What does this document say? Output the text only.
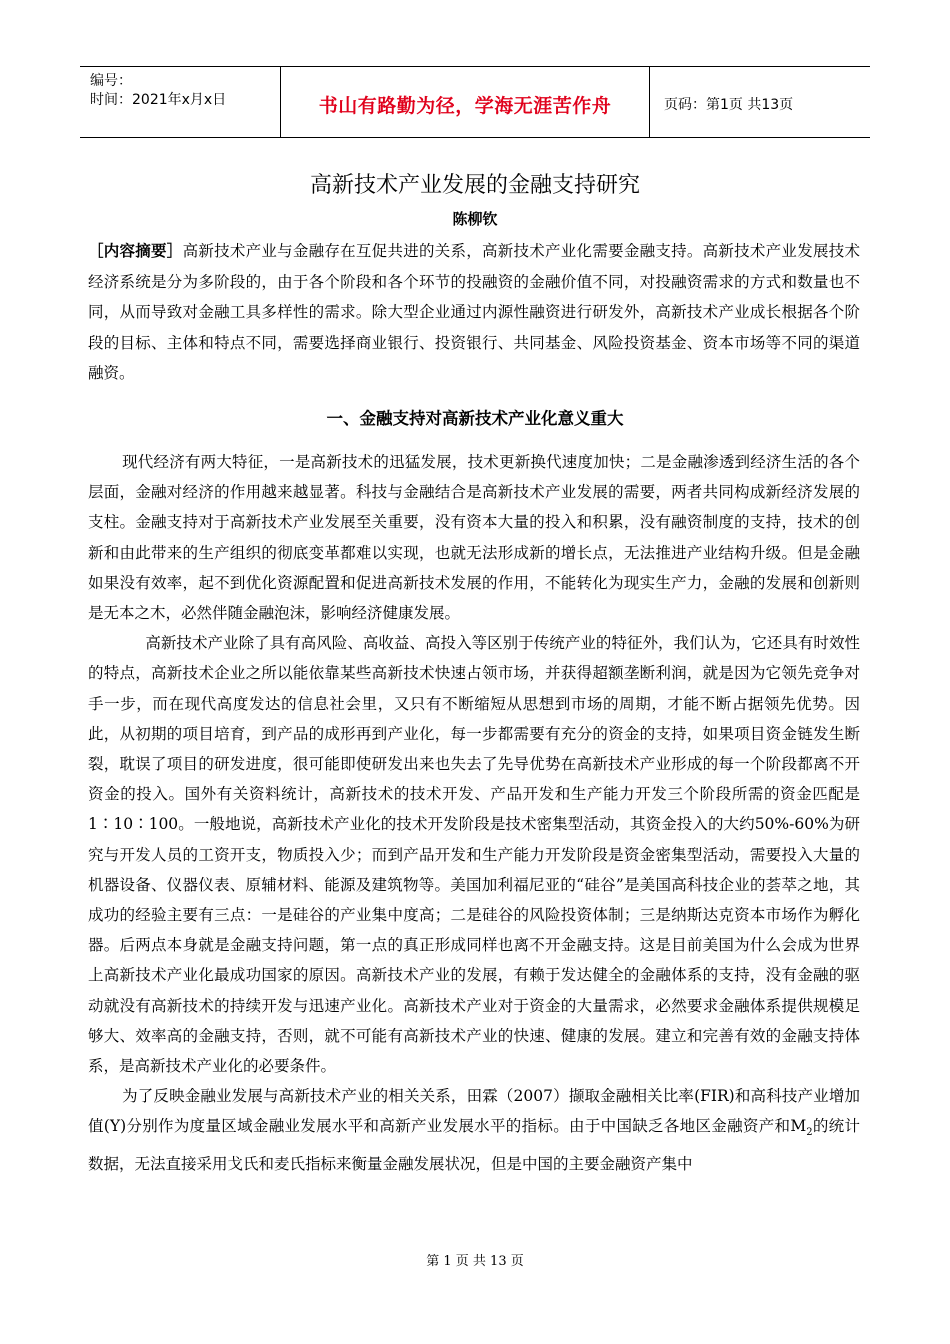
编号：
时间：2021年x月x日	书山有路勤为径，学海无涯苦作舟	页码：第1页 共13页
高新技术产业发展的金融支持研究
陈柳钦
［内容摘要］高新技术产业与金融存在互促共进的关系，高新技术产业化需要金融支持。高新技术产业发展技术经济系统是分为多阶段的，由于各个阶段和各个环节的投融资的金融价值不同，对投融资需求的方式和数量也不同，从而导致对金融工具多样性的需求。除大型企业通过内源性融资进行研发外，高新技术产业成长根据各个阶段的目标、主体和特点不同，需要选择商业银行、投资银行、共同基金、风险投资基金、资本市场等不同的渠道融资。
一、金融支持对高新技术产业化意义重大

现代经济有两大特征，一是高新技术的迅猛发展，技术更新换代速度加快；二是金融渗透到经济生活的各个层面，金融对经济的作用越来越显著。科技与金融结合是高新技术产业发展的需要，两者共同构成新经济发展的支柱。金融支持对于高新技术产业发展至关重要，没有资本大量的投入和积累，没有融资制度的支持，技术的创新和由此带来的生产组织的彻底变革都难以实现，也就无法形成新的增长点，无法推进产业结构升级。但是金融如果没有效率，起不到优化资源配置和促进高新技术发展的作用，不能转化为现实生产力，金融的发展和创新则是无本之木，必然伴随金融泡沫，影响经济健康发展。

高新技术产业除了具有高风险、高收益、高投入等区别于传统产业的特征外，我们认为，它还具有时效性的特点，高新技术企业之所以能依靠某些高新技术快速占领市场，并获得超额垄断利润，就是因为它领先竞争对手一步，而在现代高度发达的信息社会里，又只有不断缩短从思想到市场的周期，才能不断占据领先优势。因此，从初期的项目培育，到产品的成形再到产业化，每一步都需要有充分的资金的支持，如果项目资金链发生断裂，耽误了项目的研发进度，很可能即使研发出来也失去了先导优势在高新技术产业形成的每一个阶段都离不开资金的投入。国外有关资料统计，高新技术的技术开发、产品开发和生产能力开发三个阶段所需的资金匹配是1∶10∶100。一般地说，高新技术产业化的技术开发阶段是技术密集型活动，其资金投入的大约50%-60%为研究与开发人员的工资开支，物质投入少；而到产品开发和生产能力开发阶段是资金密集型活动，需要投入大量的机器设备、仪器仪表、原辅材料、能源及建筑物等。美国加利福尼亚的“硅谷”是美国高科技企业的荟萃之地，其成功的经验主要有三点：一是硅谷的产业集中度高；二是硅谷的风险投资体制；三是纳斯达克资本市场作为孵化器。后两点本身就是金融支持问题，第一点的真正形成同样也离不开金融支持。这是目前美国为什么会成为世界上高新技术产业化最成功国家的原因。高新技术产业的发展，有赖于发达健全的金融体系的支持，没有金融的驱动就没有高新技术的持续开发与迅速产业化。高新技术产业对于资金的大量需求，必然要求金融体系提供规模足够大、效率高的金融支持，否则，就不可能有高新技术产业的快速、健康的发展。建立和完善有效的金融支持体系，是高新技术产业化的必要条件。

为了反映金融业发展与高新技术产业的相关关系，田霖（2007）撷取金融相关比率(FIR)和高科技产业增加值(Y)分别作为度量区域金融业发展水平和高新产业发展水平的指标。由于中国缺乏各地区金融资产和$M_2$的统计数据，无法直接采用戈氏和麦氏指标来衡量金融发展状况，但是中国的主要金融资产集中

第 1 页 共 13 页
